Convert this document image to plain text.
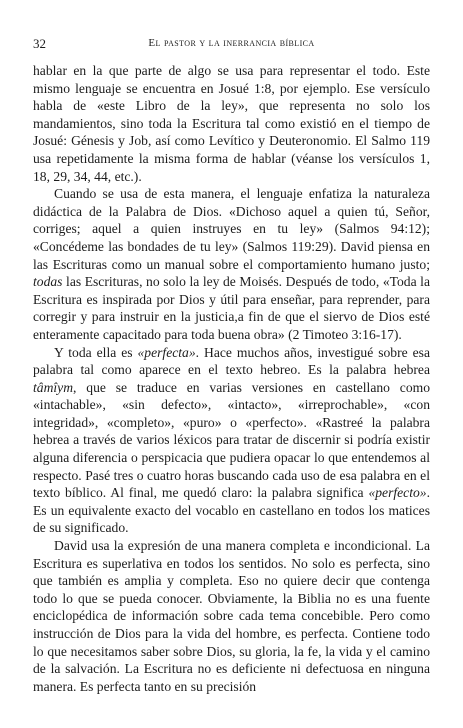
32	El pastor y la inerrancia bíblica

hablar en la que parte de algo se usa para representar el todo. Este mismo lenguaje se encuentra en Josué 1:8, por ejemplo. Ese versículo habla de «este Libro de la ley», que representa no solo los mandamientos, sino toda la Escritura tal como existió en el tiempo de Josué: Génesis y Job, así como Levítico y Deuteronomio. El Salmo 119 usa repetidamente la misma forma de hablar (véanse los versículos 1, 18, 29, 34, 44, etc.).

Cuando se usa de esta manera, el lenguaje enfatiza la naturaleza didáctica de la Palabra de Dios. «Dichoso aquel a quien tú, Señor, corriges; aquel a quien instruyes en tu ley» (Salmos 94:12); «Concédeme las bondades de tu ley» (Salmos 119:29). David piensa en las Escrituras como un manual sobre el comportamiento humano justo; todas las Escrituras, no solo la ley de Moisés. Después de todo, «Toda la Escritura es inspirada por Dios y útil para enseñar, para reprender, para corregir y para instruir en la justicia,a fin de que el siervo de Dios esté enteramente capacitado para toda buena obra» (2 Timoteo 3:16-17).

Y toda ella es «perfecta». Hace muchos años, investigué sobre esa palabra tal como aparece en el texto hebreo. Es la palabra hebrea tâmîym, que se traduce en varias versiones en castellano como «intachable», «sin defecto», «intacto», «irreprochable», «con integridad», «completo», «puro» o «perfecto». «Rastreé la palabra hebrea a través de varios léxicos para tratar de discernir si podría existir alguna diferencia o perspicacia que pudiera opacar lo que entendemos al respecto. Pasé tres o cuatro horas buscando cada uso de esa palabra en el texto bíblico. Al final, me quedó claro: la palabra significa «perfecto». Es un equivalente exacto del vocablo en castellano en todos los matices de su significado.

David usa la expresión de una manera completa e incondicional. La Escritura es superlativa en todos los sentidos. No solo es perfecta, sino que también es amplia y completa. Eso no quiere decir que contenga todo lo que se pueda conocer. Obviamente, la Biblia no es una fuente enciclopédica de información sobre cada tema concebible. Pero como instrucción de Dios para la vida del hombre, es perfecta. Contiene todo lo que necesitamos saber sobre Dios, su gloria, la fe, la vida y el camino de la salvación. La Escritura no es deficiente ni defectuosa en ninguna manera. Es perfecta tanto en su precisión
